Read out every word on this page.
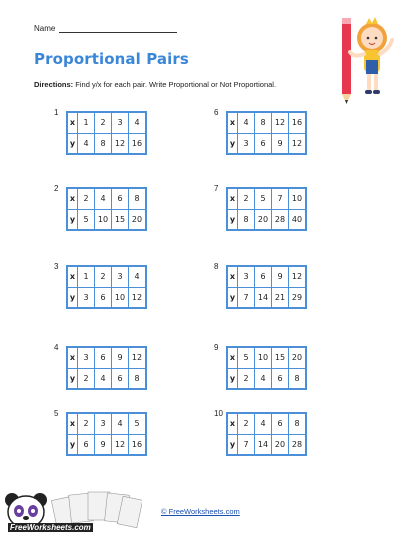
Name
Proportional Pairs
Directions: Find y/x for each pair. Write Proportional or Not Proportional.
1
x	1	2	3	4
y	4	8	12	16
2
x	2	4	6	8
y	5	10	15	20
3
x	1	2	3	4
y	3	6	10	12
4
x	3	6	9	12
y	2	4	6	8
5
x	2	3	4	5
y	6	9	12	16
6
x	4	8	12	16
y	3	6	9	12
7
x	2	5	7	10
y	8	20	28	40
8
x	3	6	9	12
y	7	14	21	29
9
x	5	10	15	20
y	2	4	6	8
10
x	2	4	6	8
y	7	14	20	28
FreeWorksheets.com
© FreeWorksheets.com
